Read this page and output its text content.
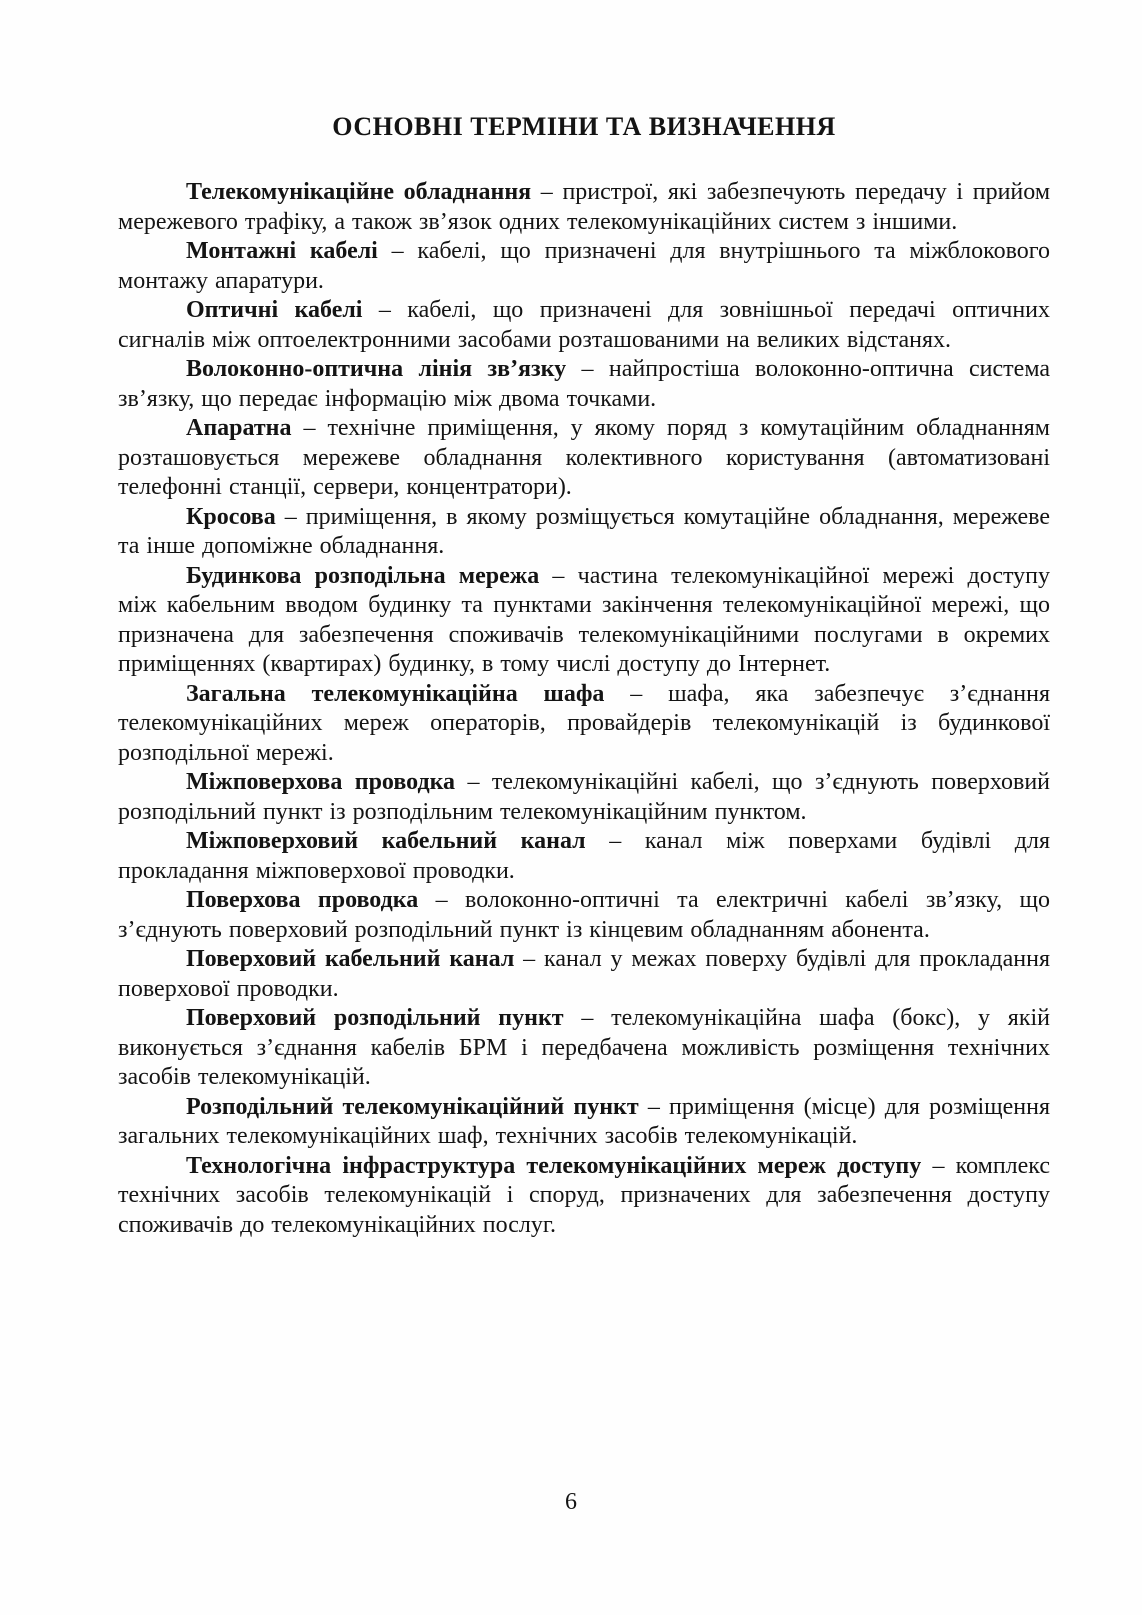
ОСНОВНІ ТЕРМІНИ ТА ВИЗНАЧЕННЯ

Телекомунікаційне обладнання – пристрої, які забезпечують передачу і прийом мережевого трафіку, а також зв’язок одних телекомунікаційних систем з іншими.

Монтажні кабелі – кабелі, що призначені для внутрішнього та міжблокового монтажу апаратури.

Оптичні кабелі – кабелі, що призначені для зовнішньої передачі оптичних сигналів між оптоелектронними засобами розташованими на великих відстанях.

Волоконно-оптична лінія зв’язку – найпростіша волоконно-оптична система зв’язку, що передає інформацію між двома точками.

Апаратна – технічне приміщення, у якому поряд з комутаційним обладнанням розташовується мережеве обладнання колективного користування (автоматизовані телефонні станції, сервери, концентратори).

Кросова – приміщення, в якому розміщується комутаційне обладнання, мережеве та інше допоміжне обладнання.

Будинкова розподільна мережа – частина телекомунікаційної мережі доступу між кабельним вводом будинку та пунктами закінчення телекомунікаційної мережі, що призначена для забезпечення споживачів телекомунікаційними послугами в окремих приміщеннях (квартирах) будинку, в тому числі доступу до Інтернет.

Загальна телекомунікаційна шафа – шафа, яка забезпечує з’єднання телекомунікаційних мереж операторів, провайдерів телекомунікацій із будинкової розподільної мережі.

Міжповерхова проводка – телекомунікаційні кабелі, що з’єднують поверховий розподільний пункт із розподільним телекомунікаційним пунктом.

Міжповерховий кабельний канал – канал між поверхами будівлі для прокладання міжповерхової проводки.

Поверхова проводка – волоконно-оптичні та електричні кабелі зв’язку, що з’єднують поверховий розподільний пункт із кінцевим обладнанням абонента.

Поверховий кабельний канал – канал у межах поверху будівлі для прокладання поверхової проводки.

Поверховий розподільний пункт – телекомунікаційна шафа (бокс), у якій виконується з’єднання кабелів БРМ і передбачена можливість розміщення технічних засобів телекомунікацій.

Розподільний телекомунікаційний пункт – приміщення (місце) для розміщення загальних телекомунікаційних шаф, технічних засобів телекомунікацій.

Технологічна інфраструктура телекомунікаційних мереж доступу – комплекс технічних засобів телекомунікацій і споруд, призначених для забезпечення доступу споживачів до телекомунікаційних послуг.

6
